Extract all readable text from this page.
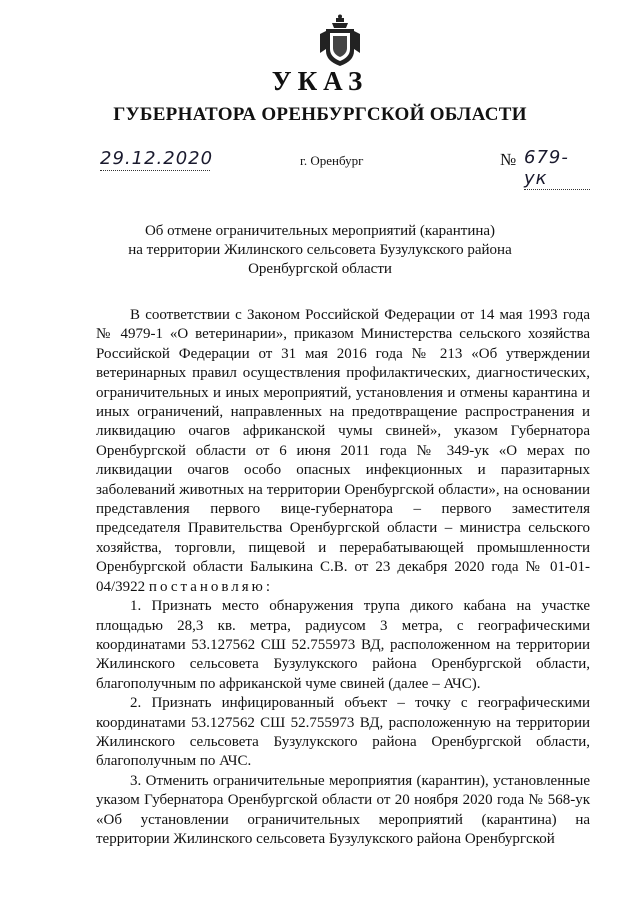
УКАЗ
ГУБЕРНАТОРА ОРЕНБУРГСКОЙ ОБЛАСТИ
29.12.2020	г. Оренбург	№ 679-ук
Об отмене ограничительных мероприятий (карантина)
на территории Жилинского сельсовета Бузулукского района
Оренбургской области

В соответствии с Законом Российской Федерации от 14 мая 1993 года № 4979-1 «О ветеринарии», приказом Министерства сельского хозяйства Российской Федерации от 31 мая 2016 года № 213 «Об утверждении ветеринарных правил осуществления профилактических, диагностических, ограничительных и иных мероприятий, установления и отмены карантина и иных ограничений, направленных на предотвращение распространения и ликвидацию очагов африканской чумы свиней», указом Губернатора Оренбургской области от 6 июня 2011 года № 349-ук «О мерах по ликвидации очагов особо опасных инфекционных и паразитарных заболеваний животных на территории Оренбургской области», на основании представления первого вице-губернатора – первого заместителя председателя Правительства Оренбургской области – министра сельского хозяйства, торговли, пищевой и перерабатывающей промышленности Оренбургской области Балыкина С.В. от 23 декабря 2020 года № 01-01-04/3922 постановляю:

1. Признать место обнаружения трупа дикого кабана на участке площадью 28,3 кв. метра, радиусом 3 метра, с географическими координатами 53.127562 СШ 52.755973 ВД, расположенном на территории Жилинского сельсовета Бузулукского района Оренбургской области, благополучным по африканской чуме свиней (далее – АЧС).

2. Признать инфицированный объект – точку с географическими координатами 53.127562 СШ 52.755973 ВД, расположенную на территории Жилинского сельсовета Бузулукского района Оренбургской области, благополучным по АЧС.

3. Отменить ограничительные мероприятия (карантин), установленные указом Губернатора Оренбургской области от 20 ноября 2020 года № 568-ук «Об установлении ограничительных мероприятий (карантина) на территории Жилинского сельсовета Бузулукского района Оренбургской
